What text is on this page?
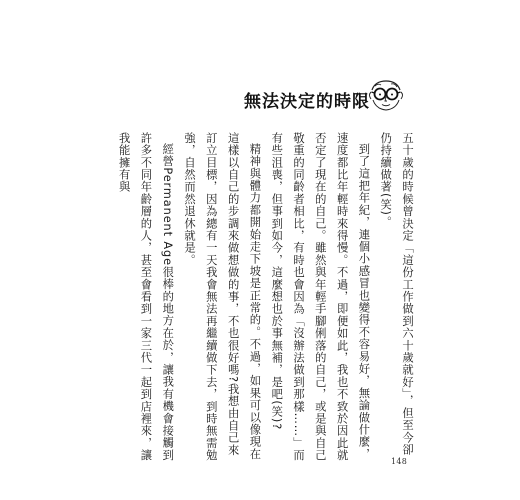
無法決定的時限

五十歲的時候曾決定「這份工作做到六十歲就好」，但至今卻仍持續做著(笑)。

到了這把年紀，連個小感冒也變得不容易好，無論做什麼，速度都比年輕時來得慢。不過，即便如此，我也不致於因此就否定了現在的自己。雖然與年輕手腳俐落的自己，或是與自己敬重的同齡者相比，有時也會因為「沒辦法做到那樣……」而有些沮喪，但事到如今，這麼想也於事無補，是吧(笑)?

精神與體力都開始走下坡是正常的。不過，如果可以像現在這樣以自己的步調來做想做的事，不也很好嗎?我想由自己來訂立目標，因為總有一天我會無法再繼續做下去，到時無需勉強，自然而然退休就是。

經營Permanent Age很棒的地方在於，讓我有機會接觸到許多不同年齡層的人，甚至會看到一家三代一起到店裡來，讓我能擁有與

148
